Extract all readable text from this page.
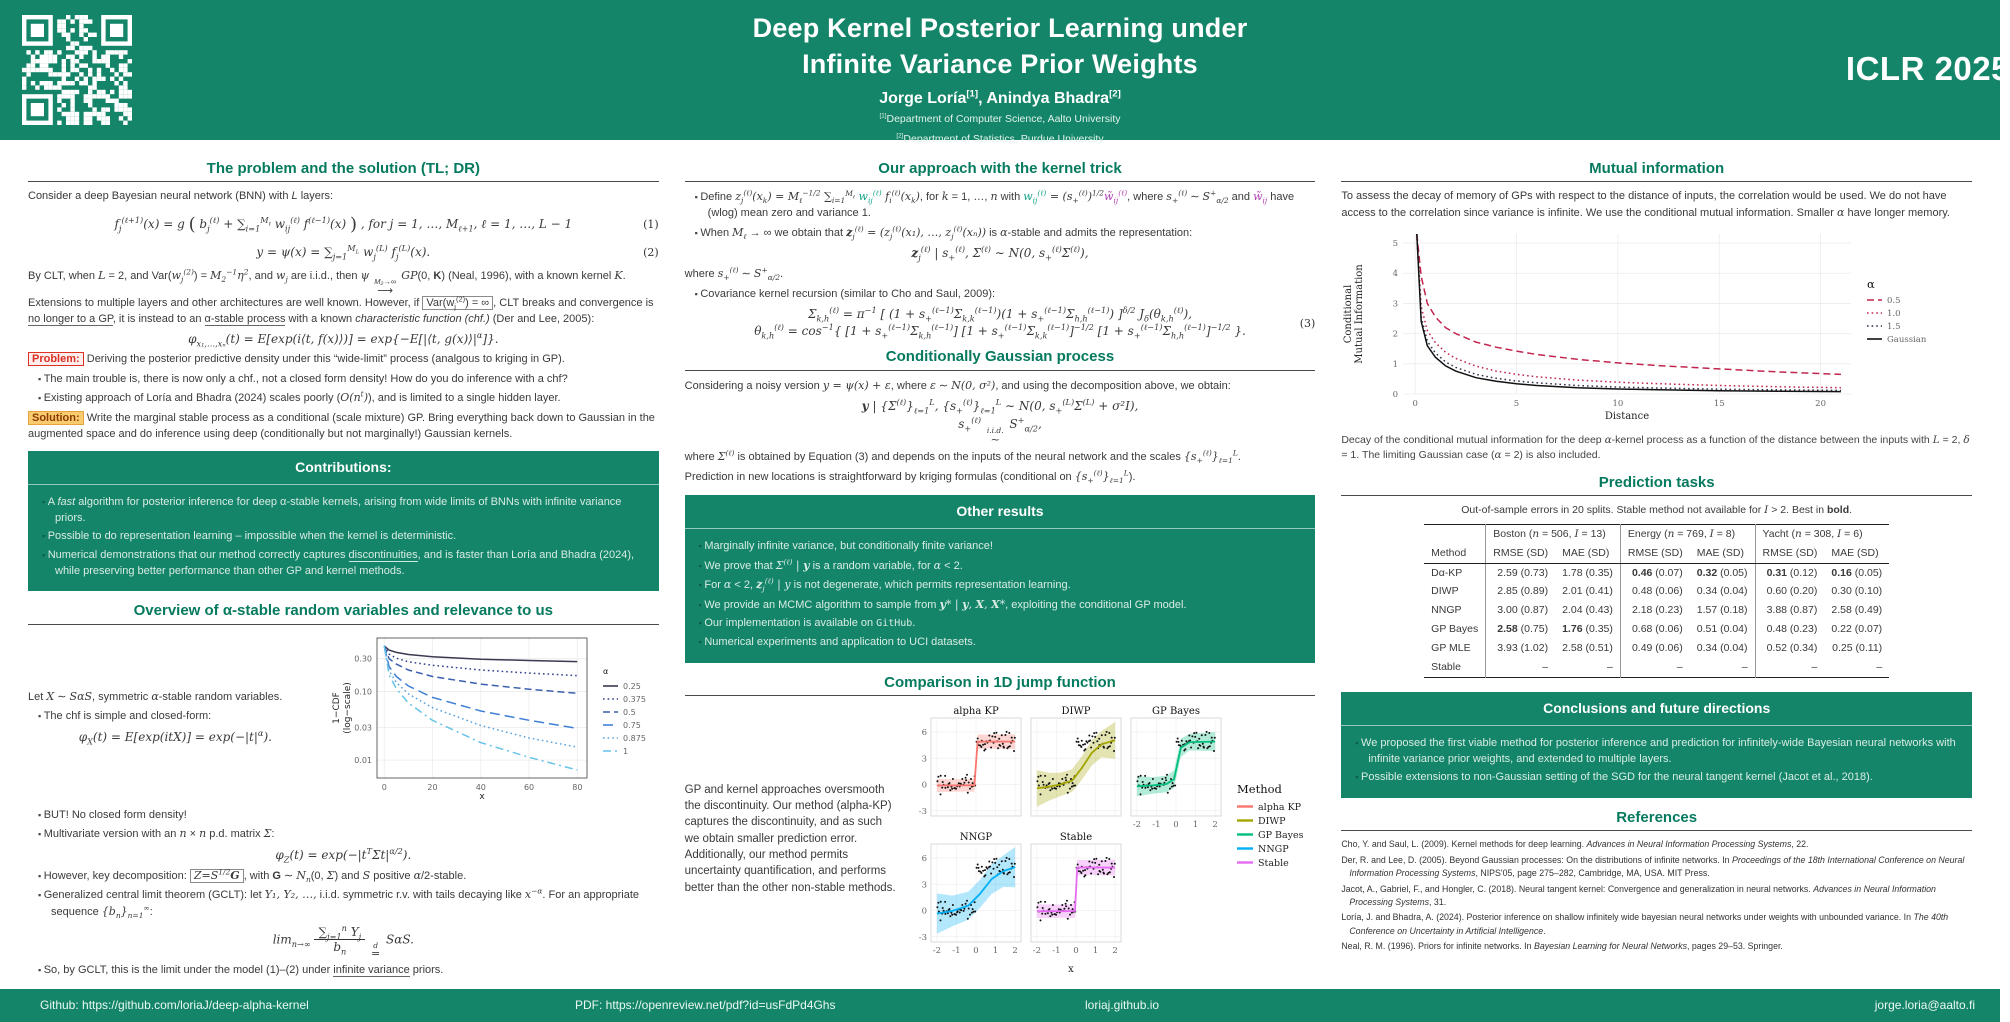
Deep Kernel Posterior Learning under
Infinite Variance Prior Weights
Jorge Loría[1], Anindya Bhadra[2]
[1]Department of Computer Science, Aalto University
[2]Department of Statistics, Purdue University
ICLR 2025
The problem and the solution (TL; DR)

Consider a deep Bayesian neural network (BNN) with L layers:

$f_j^{(\ell+1)}(x) = g$ ( $b_j^{(\ell)} + \sum_{i=1}^{M_\ell}$ $w_{ij}^{(\ell)}$ $f^{(\ell-1)}(x)$ ) , for j = 1, …, $M_{\ell+1}$, ℓ = 1, …, L − 1	(1)
$y = \psi(x) = \sum_{j=1}^{M_L}$ $w_j^{(L)}$ $f_j^{(L)}(x)$.	(2)

By CLT, when L = 2, and $Var(w_j^{(2)}) = M_2^{-1}\eta^2$, and $w_j$ are i.i.d., then ψ M₂→∞
⟶
GP(0, K) (Neal, 1996), with a known kernel K. Extensions to multiple layers and other architectures are well known. However, if $Var(w_j^{(2)})$ = ∞ , CLT breaks and convergence is no longer to a GP, it is instead to an α-stable process with a known characteristic function (chf.) (Der and Lee, 2005):

$\varphi_{x_1,\dots,x_n}(t)$ = E[exp(i⟨t, f(x)⟩)] = exp{−E[|⟨t, $g(x)⟩|^\alpha$]}.

Problem: Deriving the posterior predictive density under this “wide-limit” process (analgous to kriging in GP).

▪ The main trouble is, there is now only a chf., not a closed form density! How do you do inference with a chf?
▪ Existing approach of Loría and Bhadra (2024) scales poorly $(O(n^t))$, and is limited to a single hidden layer.

Solution: Write the marginal stable process as a conditional (scale mixture) GP. Bring everything back down to Gaussian in the augmented space and do inference using deep (conditionally but not marginally!) Gaussian kernels.

Contributions:
▪ A fast algorithm for posterior inference for deep α-stable kernels, arising from wide limits of BNNs with infinite variance priors.
▪ Possible to do representation learning – impossible when the kernel is deterministic.
▪ Numerical demonstrations that our method correctly captures discontinuities, and is faster than Loría and Bhadra (2024), while preserving better performance than other GP and kernel methods.
Overview of α-stable random variables and relevance to us

Let X ∼ SαS, symmetric α-stable random variables.

▪ The chf is simple and closed-form:

$\varphi_X(t) = E[\exp(itX)] = \exp(-|t|^\alpha)$.

0	20	40	60	80
0.01
0.03
0.10
0.30
x
1−CDF (log−scale)
α
0.25
0.375
0.5
0.75
0.875
1
▪ BUT! No closed form density!
▪ Multivariate version with an n × n p.d. matrix Σ:

$\varphi_Z(t) = \exp(-|t^T\Sigma t|^{\alpha/2})$.

▪ However, key decomposition: $Z=S^{1/2}G$ , with G ∼ $N_n(0$, Σ) and S positive α/2-stable.
▪ Generalized central limit theorem (GCLT): let Y₁, Y₂, …, i.i.d. symmetric r.v. with tails decaying like $x^{-\alpha}$. For an appropriate sequence $\{b_n\}_{n=1}^\infty$:

$\lim_{n\to\infty} \frac{\sum_{j=1}^n Y_j}{b_n}$
d
=
SαS.

▪ So, by GCLT, this is the limit under the model (1)–(2) under infinite variance priors.
Our approach with the kernel trick
▪ Define $z_j^{(\ell)}(x_k) = M_\ell^{-1/2}$ $\sum_{i=1}^{M_\ell}$ $w_{ij}^{(\ell)}$ $f_i^{(\ell)}(x_k)$, for k = 1, …, n with $w_{ij}^{(\ell)}$ = $(s_+^{(\ell)})^{1/2}w̃_{ij}^{(\ell)}$, where $s_+^{(\ell)}$ ∼ $S^+_{\alpha/2}$ and $w̃_{ij}$ have (wlog) mean zero and variance 1.
▪ When $M_\ell$ → ∞ we obtain that $z_j^{(\ell)} = (z_j^{(\ell)}(x_1)$, …, $z_j^{(\ell)}(x_n)$) is α-stable and admits the representation:

$z_j^{(\ell)}$ | $s_+^{(\ell)}$, $\Sigma^{(\ell)}$ ∼ N(0, $s_+^{(\ell)}\Sigma^{(\ell)}$),

where $s_+^{(\ell)}$ ∼ $S^+_{\alpha/2}$.

▪ Covariance kernel recursion (similar to Cho and Saul, 2009):
$\Sigma_{k,h}^{(\ell)} = \pi^{-1}$ [ $(1 + s_+^{(\ell-1)}\Sigma_{k,k}^{(\ell-1)})(1 + s_+^{(\ell-1)}\Sigma_{h,h}^{(\ell-1)})$ ]$^{\delta/2}$ $J_\delta(\theta_{k,h}^{(\ell)})$,
$\theta_{k,h}^{(\ell)} = \cos^{-1}${ $[1 + s_+^{(\ell-1)}\Sigma_{k,h}^{(\ell-1)}]$ $[1 + s_+^{(\ell-1)}\Sigma_{k,k}^{(\ell-1)}]^{-1/2}$ $[1 + s_+^{(\ell-1)}\Sigma_{h,h}^{(\ell-1)}]^{-1/2}$ }.
(3)
Conditionally Gaussian process

Considering a noisy version y = ψ(x) + ε, where ε ∼ N(0, σ²), and using the decomposition above, we obtain:

y | $\{\Sigma^{(\ell)}\}_{\ell=1}^L$, $\{s_+^{(\ell)}\}_{\ell=1}^L$ ∼ N(0, $s_+^{(L)}\Sigma^{(L)} + \sigma^2I$),

$s_+^{(\ell)}$
i.i.d.
~
$S^+_{\alpha/2}$,

where $\Sigma^{(\ell)}$ is obtained by Equation (3) and depends on the inputs of the neural network and the scales $\{s_+^{(\ell)}\}_{\ell=1}^L$.

Prediction in new locations is straightforward by kriging formulas (conditional on $\{s_+^{(\ell)}\}_{\ell=1}^L$).

Other results
▪ Marginally infinite variance, but conditionally finite variance!
▪ We prove that $\Sigma^{(\ell)}$ | y is a random variable, for α < 2.
▪ For α < 2, $z_j^{(\ell)}$ | y is not degenerate, which permits representation learning.
▪ We provide an MCMC algorithm to sample from y* | y, X, X*, exploiting the conditional GP model.
▪ Our implementation is available on GitHub.
▪ Numerical experiments and application to UCI datasets.
Comparison in 1D jump function
GP and kernel approaches oversmooth the discontinuity. Our method (alpha-KP) captures the discontinuity, and as such we obtain smaller prediction error. Additionally, our method permits uncertainty quantification, and performs better than the other non-stable methods.
alpha KP
-3
0
3
6
DIWP	GP Bayes
-2 -1 0 1 2
NNGP
-3
0
3
6
-2 -1 0 1 2
Stable
-2 -1 0 1 2
x
Method
alpha KP
DIWP
GP Bayes
NNGP
Stable
Mutual information

To assess the decay of memory of GPs with respect to the distance of inputs, the correlation would be used. We do not have access to the correlation since variance is infinite. We use the conditional mutual information. Smaller α have longer memory.

0	5	10	15	20
0
1
2
3
4
5
Distance
Conditional Mutual Information	α
0.5
1.0
1.5
Gaussian
Decay of the conditional mutual information for the deep α-kernel process as a function of the distance between the inputs with L = 2, δ = 1. The limiting Gaussian case (α = 2) is also included.
Prediction tasks
Out-of-sample errors in 20 splits. Stable method not available for I > 2. Best in bold.
	Boston (n = 506, I = 13)		Energy (n = 769, I = 8)		Yacht (n = 308, I = 6)	
Method	RMSE (SD)	MAE (SD)	RMSE (SD)	MAE (SD)	RMSE (SD)	MAE (SD)
Dα-KP	2.59 (0.73)	1.78 (0.35)	0.46 (0.07)	0.32 (0.05)	0.31 (0.12)	0.16 (0.05)
DIWP	2.85 (0.89)	2.01 (0.41)	0.48 (0.06)	0.34 (0.04)	0.60 (0.20)	0.30 (0.10)
NNGP	3.00 (0.87)	2.04 (0.43)	2.18 (0.23)	1.57 (0.18)	3.88 (0.87)	2.58 (0.49)
GP Bayes	2.58 (0.75)	1.76 (0.35)	0.68 (0.06)	0.51 (0.04)	0.48 (0.23)	0.22 (0.07)
GP MLE	3.93 (1.02)	2.58 (0.51)	0.49 (0.06)	0.34 (0.04)	0.52 (0.34)	0.25 (0.11)
Stable	–	–	–	–	–	–
Conclusions and future directions
▪ We proposed the first viable method for posterior inference and prediction for infinitely-wide Bayesian neural networks with infinite variance prior weights, and extended to multiple layers.
▪ Possible extensions to non-Gaussian setting of the SGD for the neural tangent kernel (Jacot et al., 2018).
References
Cho, Y. and Saul, L. (2009). Kernel methods for deep learning. Advances in Neural Information Processing Systems, 22.
Der, R. and Lee, D. (2005). Beyond Gaussian processes: On the distributions of infinite networks. In Proceedings of the 18th International Conference on Neural Information Processing Systems, NIPS'05, page 275–282, Cambridge, MA, USA. MIT Press.
Jacot, A., Gabriel, F., and Hongler, C. (2018). Neural tangent kernel: Convergence and generalization in neural networks. Advances in Neural Information Processing Systems, 31.
Loría, J. and Bhadra, A. (2024). Posterior inference on shallow infinitely wide bayesian neural networks under weights with unbounded variance. In The 40th Conference on Uncertainty in Artificial Intelligence.
Neal, R. M. (1996). Priors for infinite networks. In Bayesian Learning for Neural Networks, pages 29–53. Springer.
Github: https://github.com/loriaJ/deep-alpha-kernel	PDF: https://openreview.net/pdf?id=usFdPd4Ghs	loriaj.github.io	jorge.loria@aalto.fi
